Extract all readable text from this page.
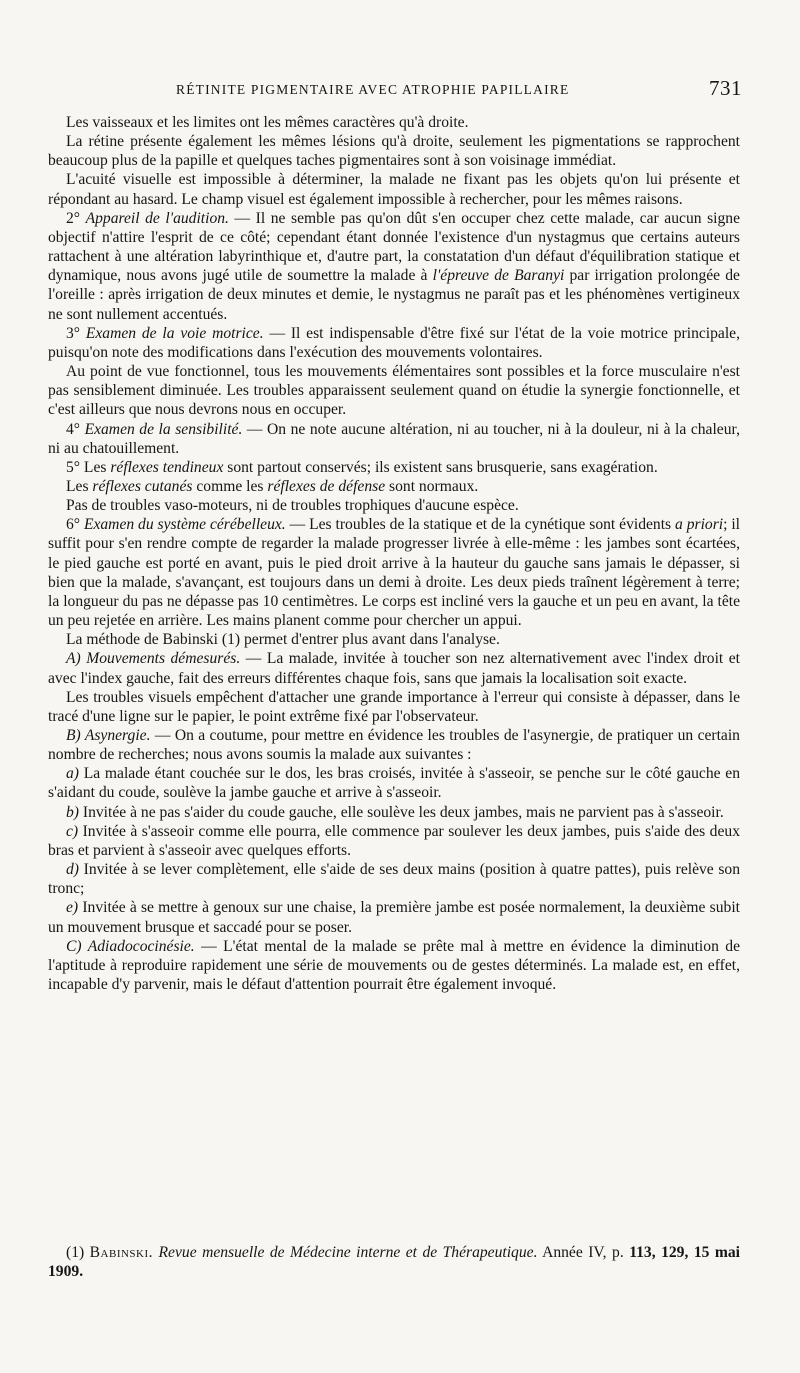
RÉTINITE PIGMENTAIRE AVEC ATROPHIE PAPILLAIRE	731

Les vaisseaux et les limites ont les mêmes caractères qu'à droite.

La rétine présente également les mêmes lésions qu'à droite, seulement les pigmentations se rapprochent beaucoup plus de la papille et quelques taches pigmentaires sont à son voisinage immédiat.

L'acuité visuelle est impossible à déterminer, la malade ne fixant pas les objets qu'on lui présente et répondant au hasard. Le champ visuel est également impossible à rechercher, pour les mêmes raisons.

2° Appareil de l'audition. — Il ne semble pas qu'on dût s'en occuper chez cette malade, car aucun signe objectif n'attire l'esprit de ce côté; cependant étant donnée l'existence d'un nystagmus que certains auteurs rattachent à une altération labyrinthique et, d'autre part, la constatation d'un défaut d'équilibration statique et dynamique, nous avons jugé utile de soumettre la malade à l'épreuve de Baranyi par irrigation prolongée de l'oreille : après irrigation de deux minutes et demie, le nystagmus ne paraît pas et les phénomènes vertigineux ne sont nullement accentués.

3° Examen de la voie motrice. — Il est indispensable d'être fixé sur l'état de la voie motrice principale, puisqu'on note des modifications dans l'exécution des mouvements volontaires.

Au point de vue fonctionnel, tous les mouvements élémentaires sont possibles et la force musculaire n'est pas sensiblement diminuée. Les troubles apparaissent seulement quand on étudie la synergie fonctionnelle, et c'est ailleurs que nous devrons nous en occuper.

4° Examen de la sensibilité. — On ne note aucune altération, ni au toucher, ni à la douleur, ni à la chaleur, ni au chatouillement.

5° Les réflexes tendineux sont partout conservés; ils existent sans brusquerie, sans exagération.

Les réflexes cutanés comme les réflexes de défense sont normaux.

Pas de troubles vaso-moteurs, ni de troubles trophiques d'aucune espèce.

6° Examen du système cérébelleux. — Les troubles de la statique et de la cynétique sont évidents a priori; il suffit pour s'en rendre compte de regarder la malade progresser livrée à elle-même : les jambes sont écartées, le pied gauche est porté en avant, puis le pied droit arrive à la hauteur du gauche sans jamais le dépasser, si bien que la malade, s'avançant, est toujours dans un demi à droite. Les deux pieds traînent légèrement à terre; la longueur du pas ne dépasse pas 10 centimètres. Le corps est incliné vers la gauche et un peu en avant, la tête un peu rejetée en arrière. Les mains planent comme pour chercher un appui.

La méthode de Babinski (1) permet d'entrer plus avant dans l'analyse.

A) Mouvements démesurés. — La malade, invitée à toucher son nez alternativement avec l'index droit et avec l'index gauche, fait des erreurs différentes chaque fois, sans que jamais la localisation soit exacte.

Les troubles visuels empêchent d'attacher une grande importance à l'erreur qui consiste à dépasser, dans le tracé d'une ligne sur le papier, le point extrême fixé par l'observateur.

B) Asynergie. — On a coutume, pour mettre en évidence les troubles de l'asynergie, de pratiquer un certain nombre de recherches; nous avons soumis la malade aux suivantes :

a) La malade étant couchée sur le dos, les bras croisés, invitée à s'asseoir, se penche sur le côté gauche en s'aidant du coude, soulève la jambe gauche et arrive à s'asseoir.

b) Invitée à ne pas s'aider du coude gauche, elle soulève les deux jambes, mais ne parvient pas à s'asseoir.

c) Invitée à s'asseoir comme elle pourra, elle commence par soulever les deux jambes, puis s'aide des deux bras et parvient à s'asseoir avec quelques efforts.

d) Invitée à se lever complètement, elle s'aide de ses deux mains (position à quatre pattes), puis relève son tronc;

e) Invitée à se mettre à genoux sur une chaise, la première jambe est posée normalement, la deuxième subit un mouvement brusque et saccadé pour se poser.

C) Adiadococinésie. — L'état mental de la malade se prête mal à mettre en évidence la diminution de l'aptitude à reproduire rapidement une série de mouvements ou de gestes déterminés. La malade est, en effet, incapable d'y parvenir, mais le défaut d'attention pourrait être également invoqué.

(1) Babinski. Revue mensuelle de Médecine interne et de Thérapeutique. Année IV, p. 113, 129, 15 mai 1909.
